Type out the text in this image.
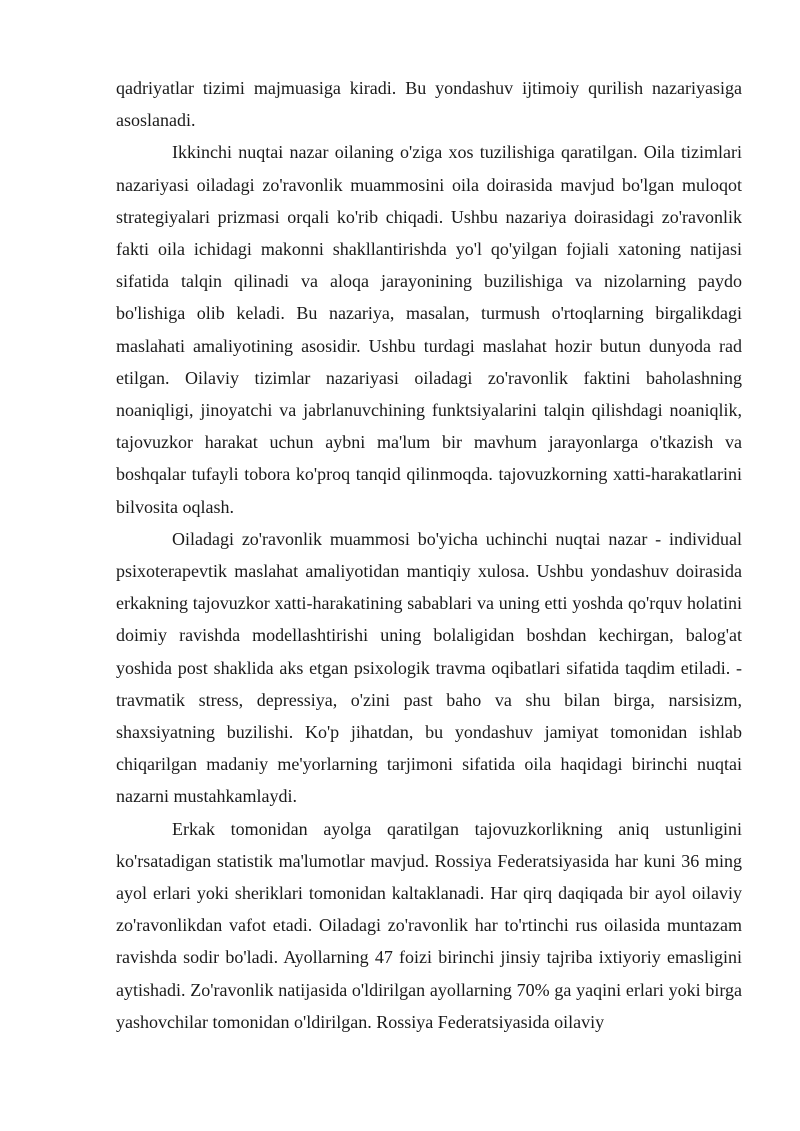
qadriyatlar tizimi majmuasiga kiradi. Bu yondashuv ijtimoiy qurilish nazariyasiga asoslanadi.

Ikkinchi nuqtai nazar oilaning o'ziga xos tuzilishiga qaratilgan. Oila tizimlari nazariyasi oiladagi zo'ravonlik muammosini oila doirasida mavjud bo'lgan muloqot strategiyalari prizmasi orqali ko'rib chiqadi. Ushbu nazariya doirasidagi zo'ravonlik fakti oila ichidagi makonni shakllantirishda yo'l qo'yilgan fojiali xatoning natijasi sifatida talqin qilinadi va aloqa jarayonining buzilishiga va nizolarning paydo bo'lishiga olib keladi. Bu nazariya, masalan, turmush o'rtoqlarning birgalikdagi maslahati amaliyotining asosidir. Ushbu turdagi maslahat hozir butun dunyoda rad etilgan. Oilaviy tizimlar nazariyasi oiladagi zo'ravonlik faktini baholashning noaniqligi, jinoyatchi va jabrlanuvchining funktsiyalarini talqin qilishdagi noaniqlik, tajovuzkor harakat uchun aybni ma'lum bir mavhum jarayonlarga o'tkazish va boshqalar tufayli tobora ko'proq tanqid qilinmoqda. tajovuzkorning xatti-harakatlarini bilvosita oqlash.

Oiladagi zo'ravonlik muammosi bo'yicha uchinchi nuqtai nazar - individual psixoterapevtik maslahat amaliyotidan mantiqiy xulosa. Ushbu yondashuv doirasida erkakning tajovuzkor xatti-harakatining sabablari va uning etti yoshda qo'rquv holatini doimiy ravishda modellashtirishi uning bolaligidan boshdan kechirgan, balog'at yoshida post shaklida aks etgan psixologik travma oqibatlari sifatida taqdim etiladi. - travmatik stress, depressiya, o'zini past baho va shu bilan birga, narsisizm, shaxsiyatning buzilishi. Ko'p jihatdan, bu yondashuv jamiyat tomonidan ishlab chiqarilgan madaniy me'yorlarning tarjimoni sifatida oila haqidagi birinchi nuqtai nazarni mustahkamlaydi.

Erkak tomonidan ayolga qaratilgan tajovuzkorlikning aniq ustunligini ko'rsatadigan statistik ma'lumotlar mavjud. Rossiya Federatsiyasida har kuni 36 ming ayol erlari yoki sheriklari tomonidan kaltaklanadi. Har qirq daqiqada bir ayol oilaviy zo'ravonlikdan vafot etadi. Oiladagi zo'ravonlik har to'rtinchi rus oilasida muntazam ravishda sodir bo'ladi. Ayollarning 47 foizi birinchi jinsiy tajriba ixtiyoriy emasligini aytishadi. Zo'ravonlik natijasida o'ldirilgan ayollarning 70% ga yaqini erlari yoki birga yashovchilar tomonidan o'ldirilgan. Rossiya Federatsiyasida oilaviy
